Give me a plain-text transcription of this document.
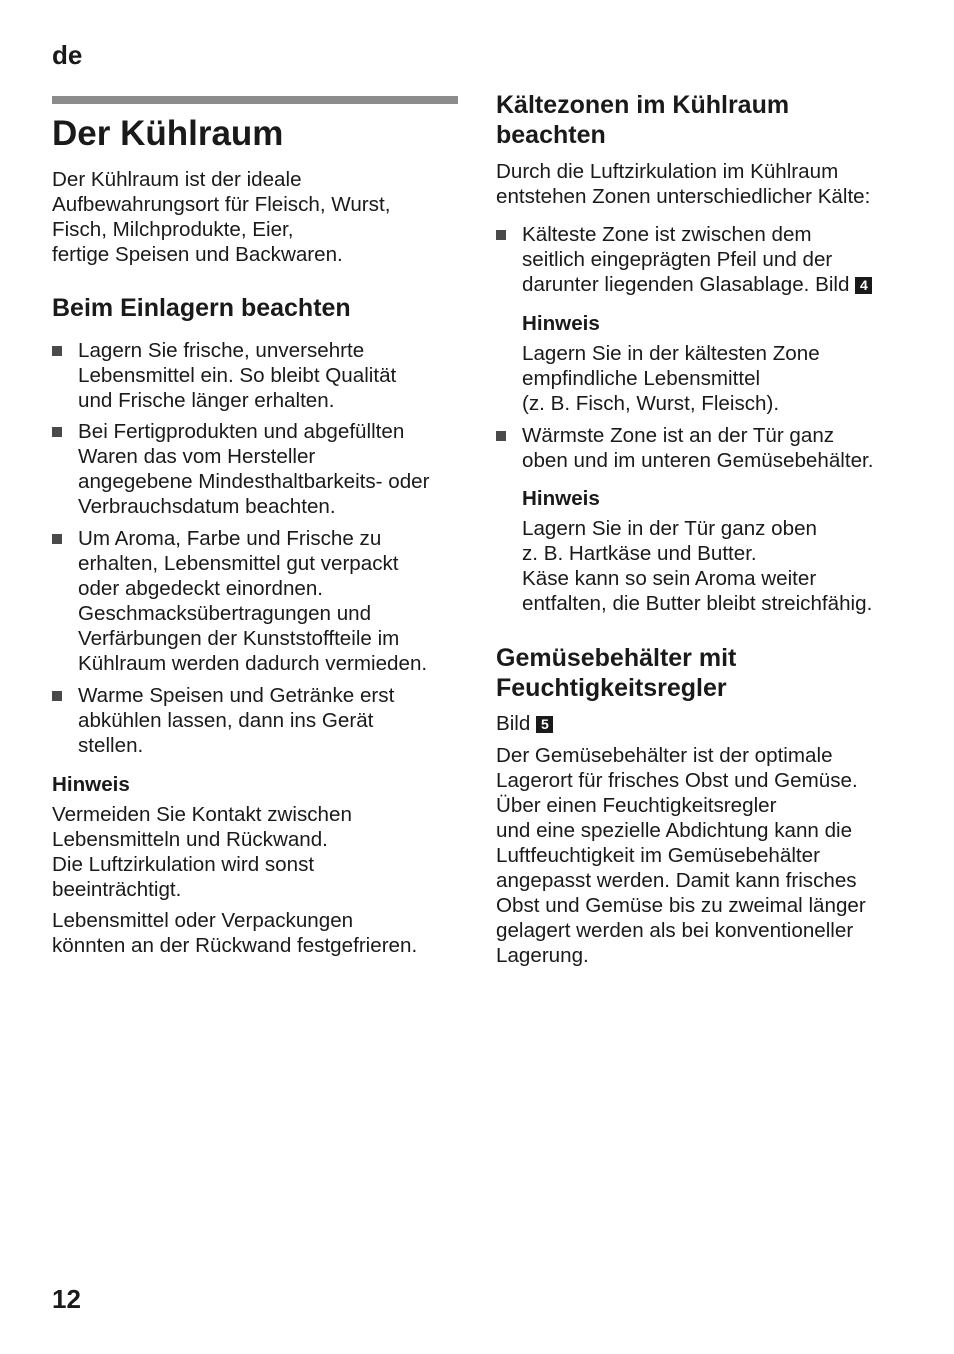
de
Der Kühlraum

Der Kühlraum ist der ideale
Aufbewahrungsort für Fleisch, Wurst,
Fisch, Milchprodukte, Eier,
fertige Speisen und Backwaren.

Beim Einlagern beachten
Lagern Sie frische, unversehrte
Lebensmittel ein. So bleibt Qualität
und Frische länger erhalten.
Bei Fertigprodukten und abgefüllten
Waren das vom Hersteller
angegebene Mindesthaltbarkeits- oder
Verbrauchsdatum beachten.
Um Aroma, Farbe und Frische zu
erhalten, Lebensmittel gut verpackt
oder abgedeckt einordnen.
Geschmacksübertragungen und
Verfärbungen der Kunststoffteile im
Kühlraum werden dadurch vermieden.
Warme Speisen und Getränke erst
abkühlen lassen, dann ins Gerät
stellen.
Hinweis

Vermeiden Sie Kontakt zwischen
Lebensmitteln und Rückwand.
Die Luftzirkulation wird sonst
beeinträchtigt.

Lebensmittel oder Verpackungen
könnten an der Rückwand festgefrieren.

Kältezonen im Kühlraum
beachten

Durch die Luftzirkulation im Kühlraum
entstehen Zonen unterschiedlicher Kälte:

Kälteste Zone ist zwischen dem
seitlich eingeprägten Pfeil und der
darunter liegenden Glasablage. Bild 4
Hinweis

Lagern Sie in der kältesten Zone
empfindliche Lebensmittel
(z. B. Fisch, Wurst, Fleisch).

Wärmste Zone ist an der Tür ganz
oben und im unteren Gemüsebehälter.
Hinweis

Lagern Sie in der Tür ganz oben
z. B. Hartkäse und Butter.
Käse kann so sein Aroma weiter
entfalten, die Butter bleibt streichfähig.

Gemüsebehälter mit
Feuchtigkeitsregler

Bild 5

Der Gemüsebehälter ist der optimale
Lagerort für frisches Obst und Gemüse.
Über einen Feuchtigkeitsregler
und eine spezielle Abdichtung kann die
Luftfeuchtigkeit im Gemüsebehälter
angepasst werden. Damit kann frisches
Obst und Gemüse bis zu zweimal länger
gelagert werden als bei konventioneller
Lagerung.

12
